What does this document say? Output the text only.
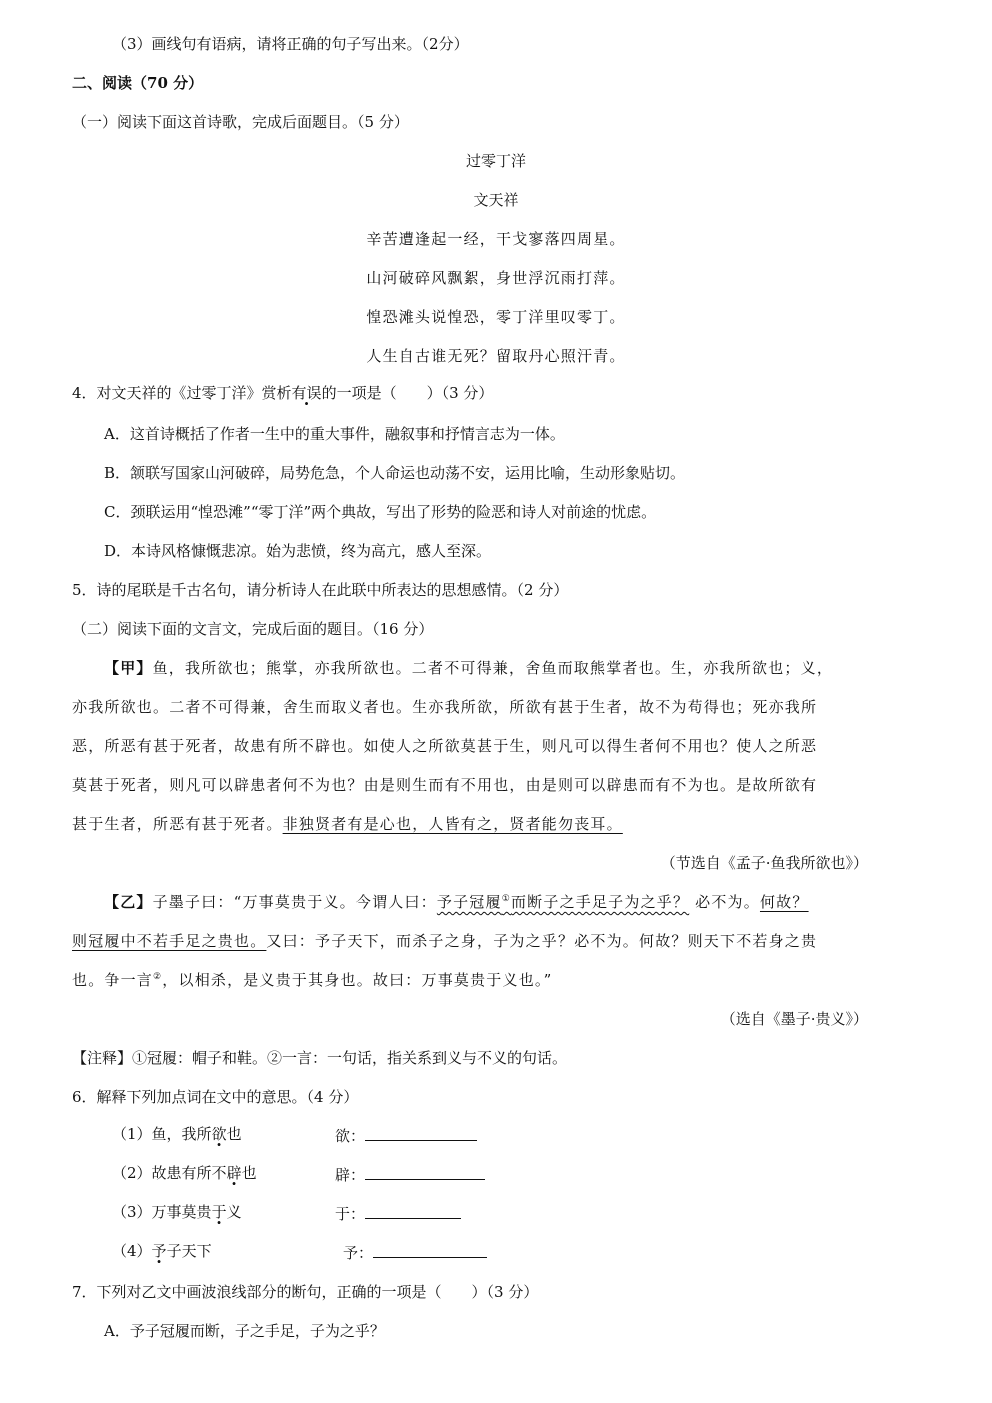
（3）画线句有语病，请将正确的句子写出来。（2分）
二、阅读（70 分）
（一）阅读下面这首诗歌，完成后面题目。（5 分）
过零丁洋
文天祥
辛苦遭逢起一经，干戈寥落四周星。
山河破碎风飘絮，身世浮沉雨打萍。
惶恐滩头说惶恐，零丁洋里叹零丁。
人生自古谁无死？留取丹心照汗青。
4．对文天祥的《过零丁洋》赏析有误的一项是（　　）（3 分）
A．这首诗概括了作者一生中的重大事件，融叙事和抒情言志为一体。
B．颔联写国家山河破碎，局势危急，个人命运也动荡不安，运用比喻，生动形象贴切。
C．颈联运用“惶恐滩”“零丁洋”两个典故，写出了形势的险恶和诗人对前途的忧虑。
D．本诗风格慷慨悲凉。始为悲愤，终为高亢，感人至深。
5．诗的尾联是千古名句，请分析诗人在此联中所表达的思想感情。（2 分）
（二）阅读下面的文言文，完成后面的题目。（16 分）
【甲】鱼，我所欲也；熊掌，亦我所欲也。二者不可得兼，舍鱼而取熊掌者也。生，亦我所欲也；义，
亦我所欲也。二者不可得兼，舍生而取义者也。生亦我所欲，所欲有甚于生者，故不为苟得也；死亦我所
恶，所恶有甚于死者，故患有所不辟也。如使人之所欲莫甚于生，则凡可以得生者何不用也？使人之所恶
莫甚于死者，则凡可以辟患者何不为也？由是则生而有不用也，由是则可以辟患而有不为也。是故所欲有
甚于生者，所恶有甚于死者。非独贤者有是心也，人皆有之，贤者能勿丧耳。
（节选自《孟子·鱼我所欲也》）
【乙】子墨子曰：“万事莫贵于义。今谓人曰：予子冠履①而断子之手足子为之乎？ 必不为。何故？
则冠履中不若手足之贵也。又曰：予子天下，而杀子之身，子为之乎？必不为。何故？则天下不若身之贵
也。争一言②，以相杀，是义贵于其身也。故曰：万事莫贵于义也。”
（选自《墨子·贵义》）
【注释】①冠履：帽子和鞋。②一言：一句话，指关系到义与不义的句话。
6．解释下列加点词在文中的意思。（4 分）
（1）鱼，我所欲也	欲：
（2）故患有所不辟也	辟：
（3）万事莫贵于义	于：
（4）予子天下	予：
7．下列对乙文中画波浪线部分的断句，正确的一项是（　　）（3 分）
A．予子冠履而断，子之手足，子为之乎？
